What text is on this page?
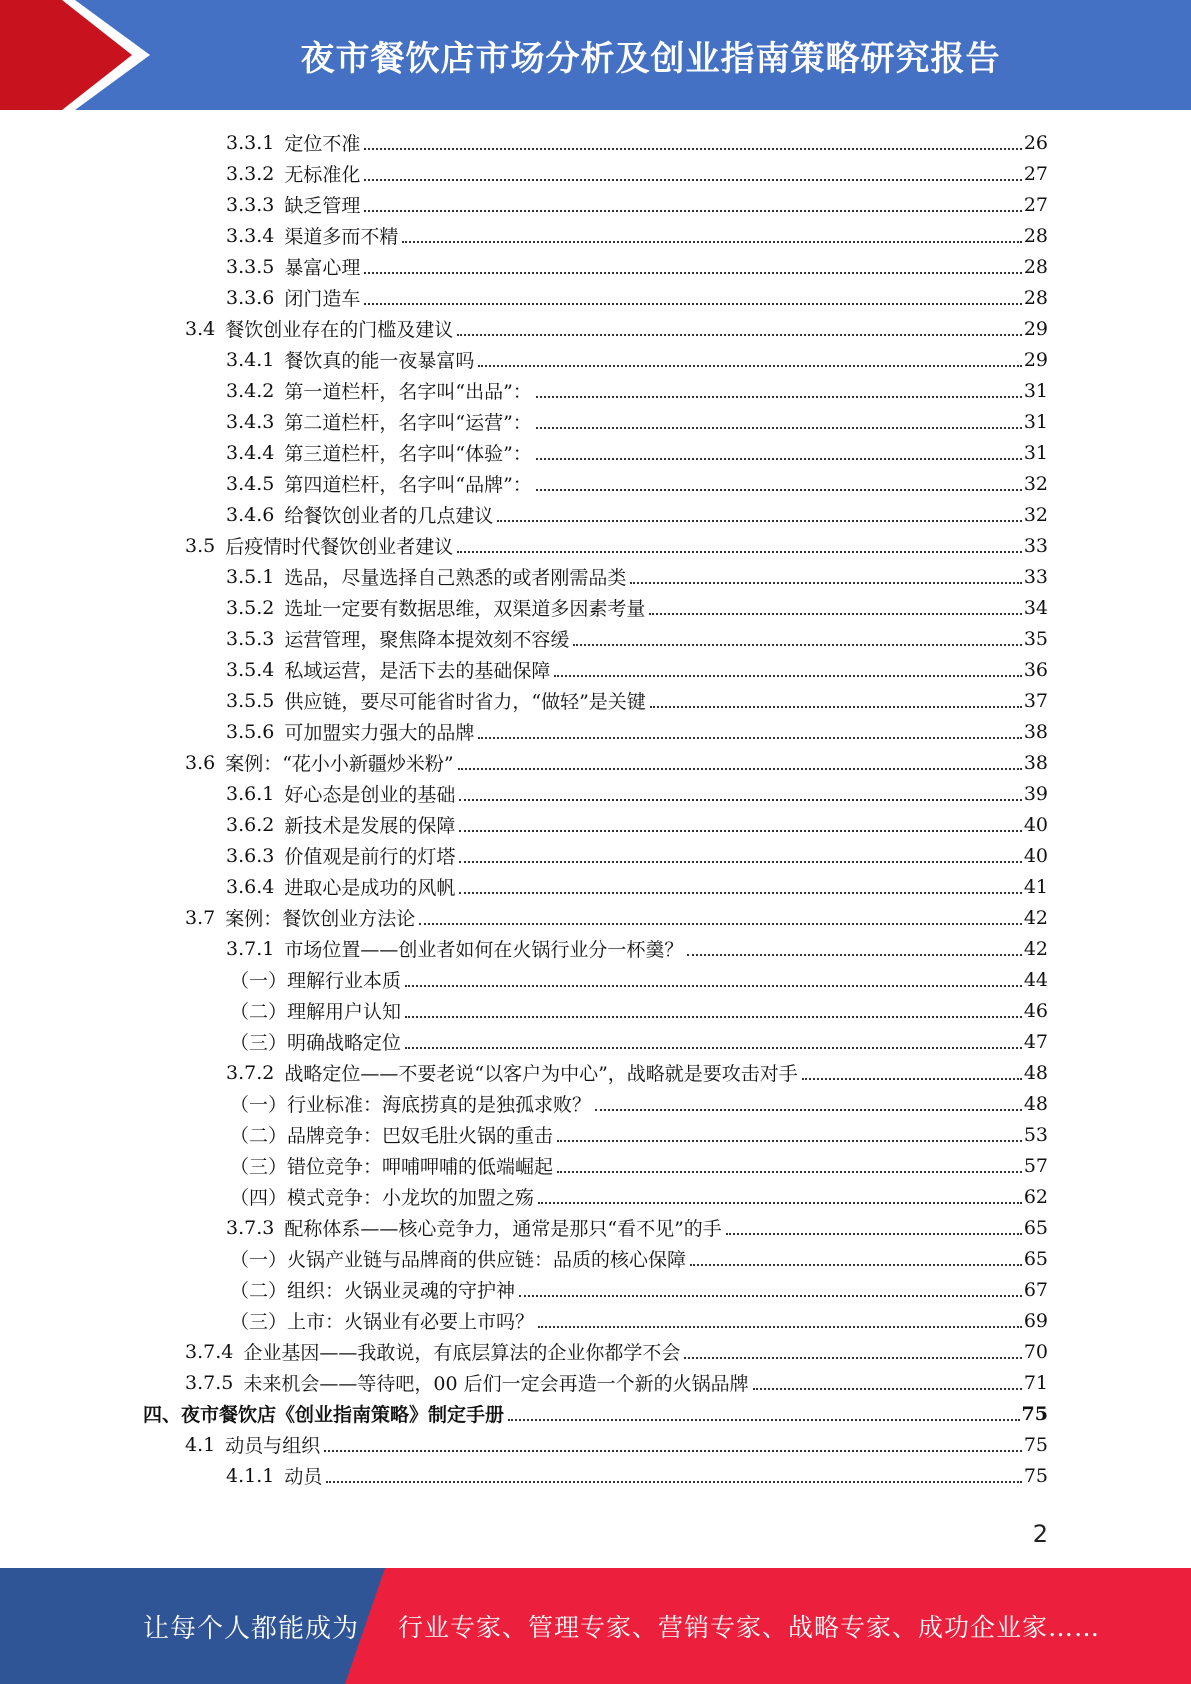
夜市餐饮店市场分析及创业指南策略研究报告
3.3.1 定位不准	26
3.3.2 无标准化	27
3.3.3 缺乏管理	27
3.3.4 渠道多而不精	28
3.3.5 暴富心理	28
3.3.6 闭门造车	28
3.4 餐饮创业存在的门槛及建议	29
3.4.1 餐饮真的能一夜暴富吗	29
3.4.2 第一道栏杆，名字叫“出品”：	31
3.4.3 第二道栏杆，名字叫“运营”：	31
3.4.4 第三道栏杆，名字叫“体验”：	31
3.4.5 第四道栏杆，名字叫“品牌”：	32
3.4.6 给餐饮创业者的几点建议	32
3.5 后疫情时代餐饮创业者建议	33
3.5.1 选品，尽量选择自己熟悉的或者刚需品类	33
3.5.2 选址一定要有数据思维，双渠道多因素考量	34
3.5.3 运营管理，聚焦降本提效刻不容缓	35
3.5.4 私域运营，是活下去的基础保障	36
3.5.5 供应链，要尽可能省时省力，“做轻”是关键	37
3.5.6 可加盟实力强大的品牌	38
3.6 案例：“花小小新疆炒米粉”	38
3.6.1 好心态是创业的基础	39
3.6.2 新技术是发展的保障	40
3.6.3 价值观是前行的灯塔	40
3.6.4 进取心是成功的风帆	41
3.7 案例：餐饮创业方法论	42
3.7.1 市场位置——创业者如何在火锅行业分一杯羹？	42
（一）理解行业本质	44
（二）理解用户认知	46
（三）明确战略定位	47
3.7.2 战略定位——不要老说“以客户为中心”，战略就是要攻击对手	48
（一）行业标准：海底捞真的是独孤求败？	48
（二）品牌竞争：巴奴毛肚火锅的重击	53
（三）错位竞争：呷哺呷哺的低端崛起	57
（四）模式竞争：小龙坎的加盟之殇	62
3.7.3 配称体系——核心竞争力，通常是那只“看不见”的手	65
（一）火锅产业链与品牌商的供应链：品质的核心保障	65
（二）组织：火锅业灵魂的守护神	67
（三）上市：火锅业有必要上市吗？	69
3.7.4 企业基因——我敢说，有底层算法的企业你都学不会	70
3.7.5 未来机会——等待吧，00 后们一定会再造一个新的火锅品牌	71
四、夜市餐饮店《创业指南策略》制定手册	75
4.1 动员与组织	75
4.1.1 动员	75
2
让每个人都能成为 行业专家、管理专家、营销专家、战略专家、成功企业家……
